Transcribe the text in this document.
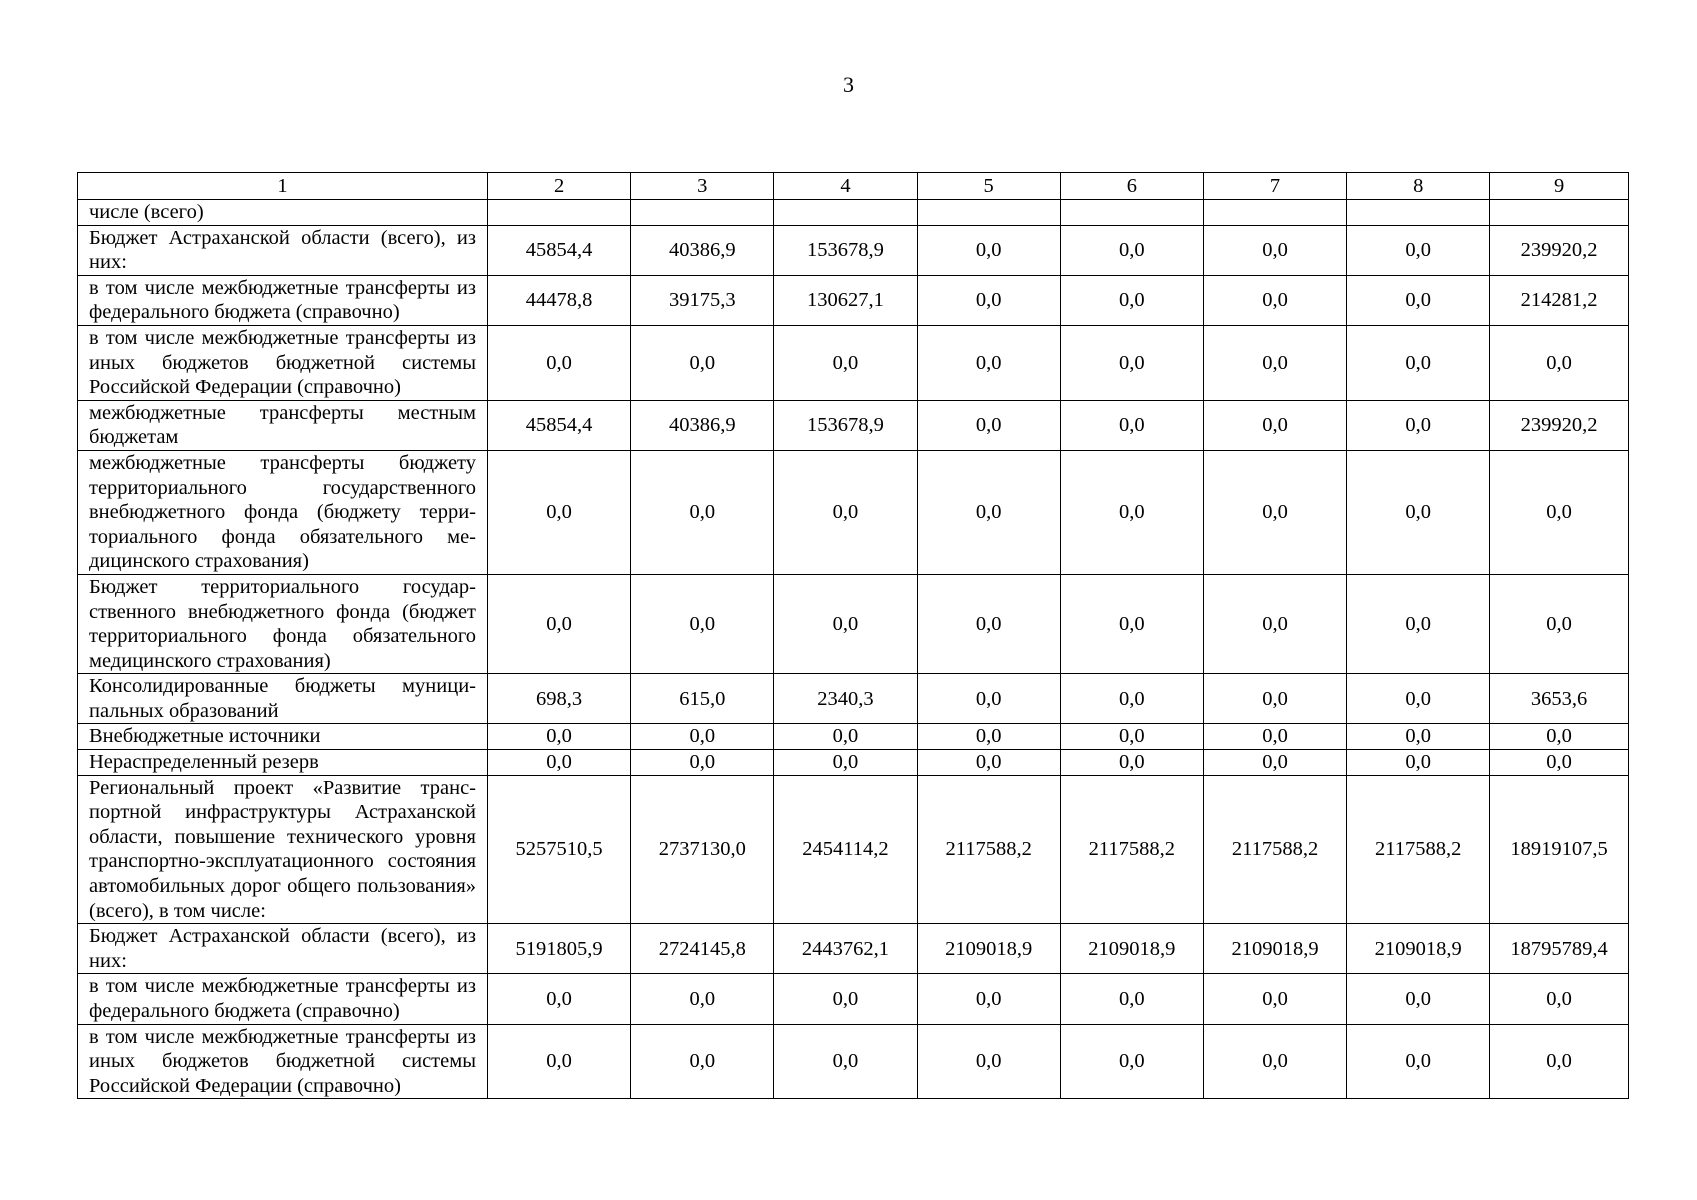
3
1	2	3	4	5	6	7	8	9
числе (всего)								
Бюджет Астраханской области (всего), из них:	45854,4	40386,9	153678,9	0,0	0,0	0,0	0,0	239920,2
в том числе межбюджетные трансферты из федерального бюджета (справочно)	44478,8	39175,3	130627,1	0,0	0,0	0,0	0,0	214281,2
в том числе межбюджетные трансферты из иных бюджетов бюджетной системы Российской Федерации (справочно)	0,0	0,0	0,0	0,0	0,0	0,0	0,0	0,0
межбюджетные трансферты местным бюджетам	45854,4	40386,9	153678,9	0,0	0,0	0,0	0,0	239920,2
межбюджетные трансферты бюджету территориального государственного внебюджетного фонда (бюджету территориального фонда обязательного медицинского страхования)	0,0	0,0	0,0	0,0	0,0	0,0	0,0	0,0
Бюджет территориального государственного внебюджетного фонда (бюджет территориального фонда обязательного медицинского страхования)	0,0	0,0	0,0	0,0	0,0	0,0	0,0	0,0
Консолидированные бюджеты муниципальных образований	698,3	615,0	2340,3	0,0	0,0	0,0	0,0	3653,6
Внебюджетные источники	0,0	0,0	0,0	0,0	0,0	0,0	0,0	0,0
Нераспределенный резерв	0,0	0,0	0,0	0,0	0,0	0,0	0,0	0,0
Региональный проект «Развитие транспортной инфраструктуры Астраханской области, повышение технического уровня транспортно-эксплуатационного состояния автомобильных дорог общего пользования» (всего), в том числе:	5257510,5	2737130,0	2454114,2	2117588,2	2117588,2	2117588,2	2117588,2	18919107,5
Бюджет Астраханской области (всего), из них:	5191805,9	2724145,8	2443762,1	2109018,9	2109018,9	2109018,9	2109018,9	18795789,4
в том числе межбюджетные трансферты из федерального бюджета (справочно)	0,0	0,0	0,0	0,0	0,0	0,0	0,0	0,0
в том числе межбюджетные трансферты из иных бюджетов бюджетной системы Российской Федерации (справочно)	0,0	0,0	0,0	0,0	0,0	0,0	0,0	0,0
